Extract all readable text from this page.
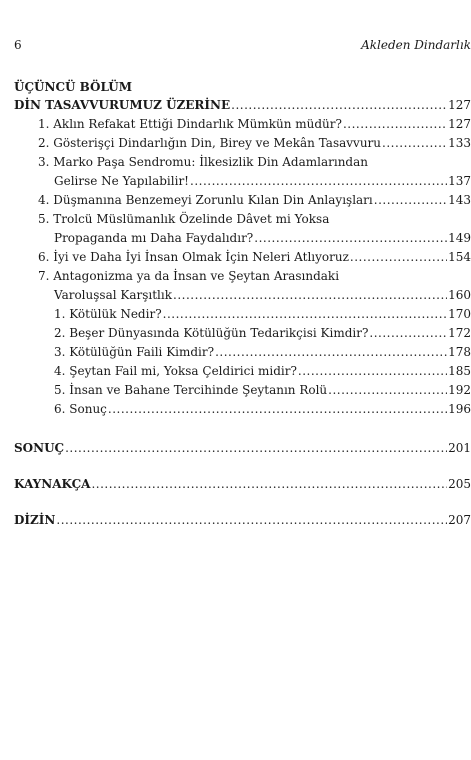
6	Akleden Dindarlık
ÜÇÜNCÜ BÖLÜM
DİN TASAVVURUMUZ ÜZERİNE .....	127
1. Aklın Refakat Ettiği Dindarlık Mümkün müdür? .....	127
2. Gösterişçi Dindarlığın Din, Birey ve Mekân Tasavvuru .....	133
3. Marko Paşa Sendromu: İlkesizlik Din Adamlarından
Gelirse Ne Yapılabilir! .....	137
4. Düşmanına Benzemeyi Zorunlu Kılan Din Anlayışları .....	143
5. Trolcü Müslümanlık Özelinde Dâvet mi Yoksa
Propaganda mı Daha Faydalıdır? .....	149
6. İyi ve Daha İyi İnsan Olmak İçin Neleri Atlıyoruz .....	154
7. Antagonizma ya da İnsan ve Şeytan Arasındaki
Varoluşsal Karşıtlık .....	160
1. Kötülük Nedir? .....	170
2. Beşer Dünyasında Kötülüğün Tedarikçisi Kimdir? .....	172
3. Kötülüğün Faili Kimdir? .....	178
4. Şeytan Fail mi, Yoksa Çeldirici midir? .....	185
5. İnsan ve Bahane Tercihinde Şeytanın Rolü .....	192
6. Sonuç .....	196
SONUÇ .....	201
KAYNAKÇA .....	205
DİZİN .....	207
